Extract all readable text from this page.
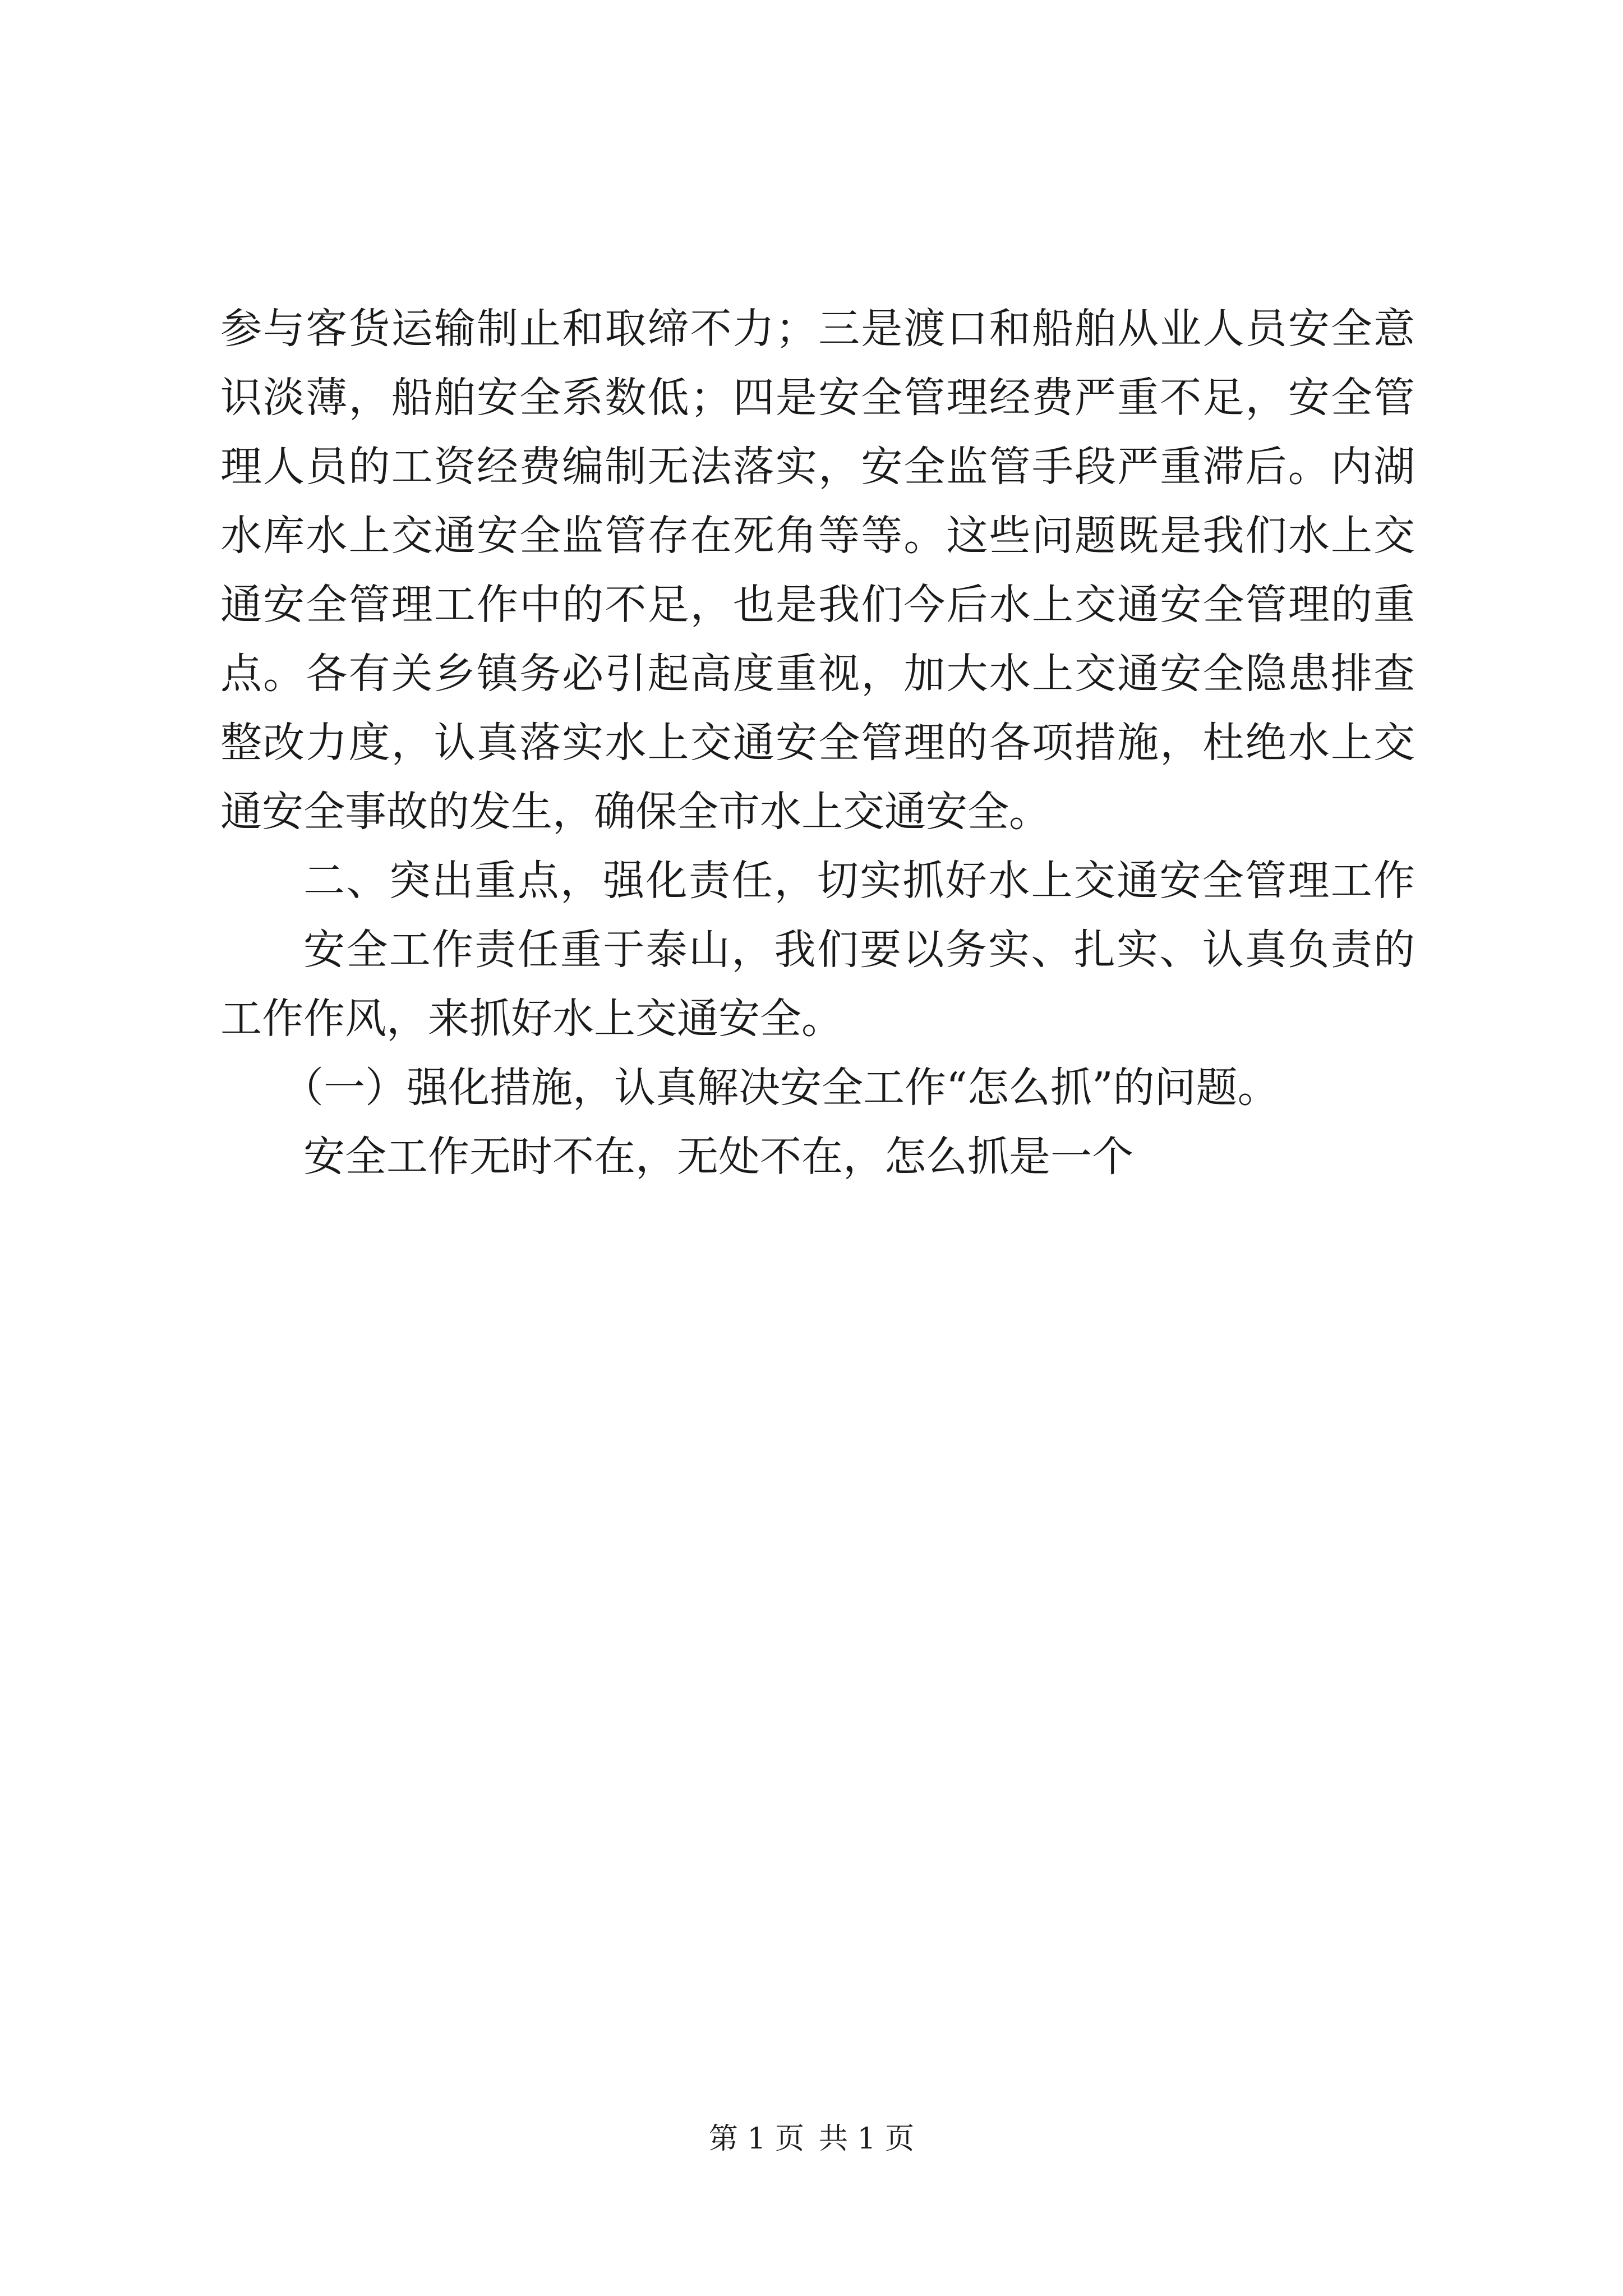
参与客货运输制止和取缔不力；三是渡口和船舶从业人员安全意
识淡薄，船舶安全系数低；四是安全管理经费严重不足，安全管
理人员的工资经费编制无法落实，安全监管手段严重滞后。内湖
水库水上交通安全监管存在死角等等。这些问题既是我们水上交
通安全管理工作中的不足，也是我们今后水上交通安全管理的重
点。各有关乡镇务必引起高度重视，加大水上交通安全隐患排查
整改力度，认真落实水上交通安全管理的各项措施，杜绝水上交
通安全事故的发生，确保全市水上交通安全。
二、突出重点，强化责任，切实抓好水上交通安全管理工作
安全工作责任重于泰山，我们要以务实、扎实、认真负责的
工作作风，来抓好水上交通安全。
（一）强化措施，认真解决安全工作“怎么抓”的问题。
安全工作无时不在，无处不在，怎么抓是一个
第 1 页 共 1 页
